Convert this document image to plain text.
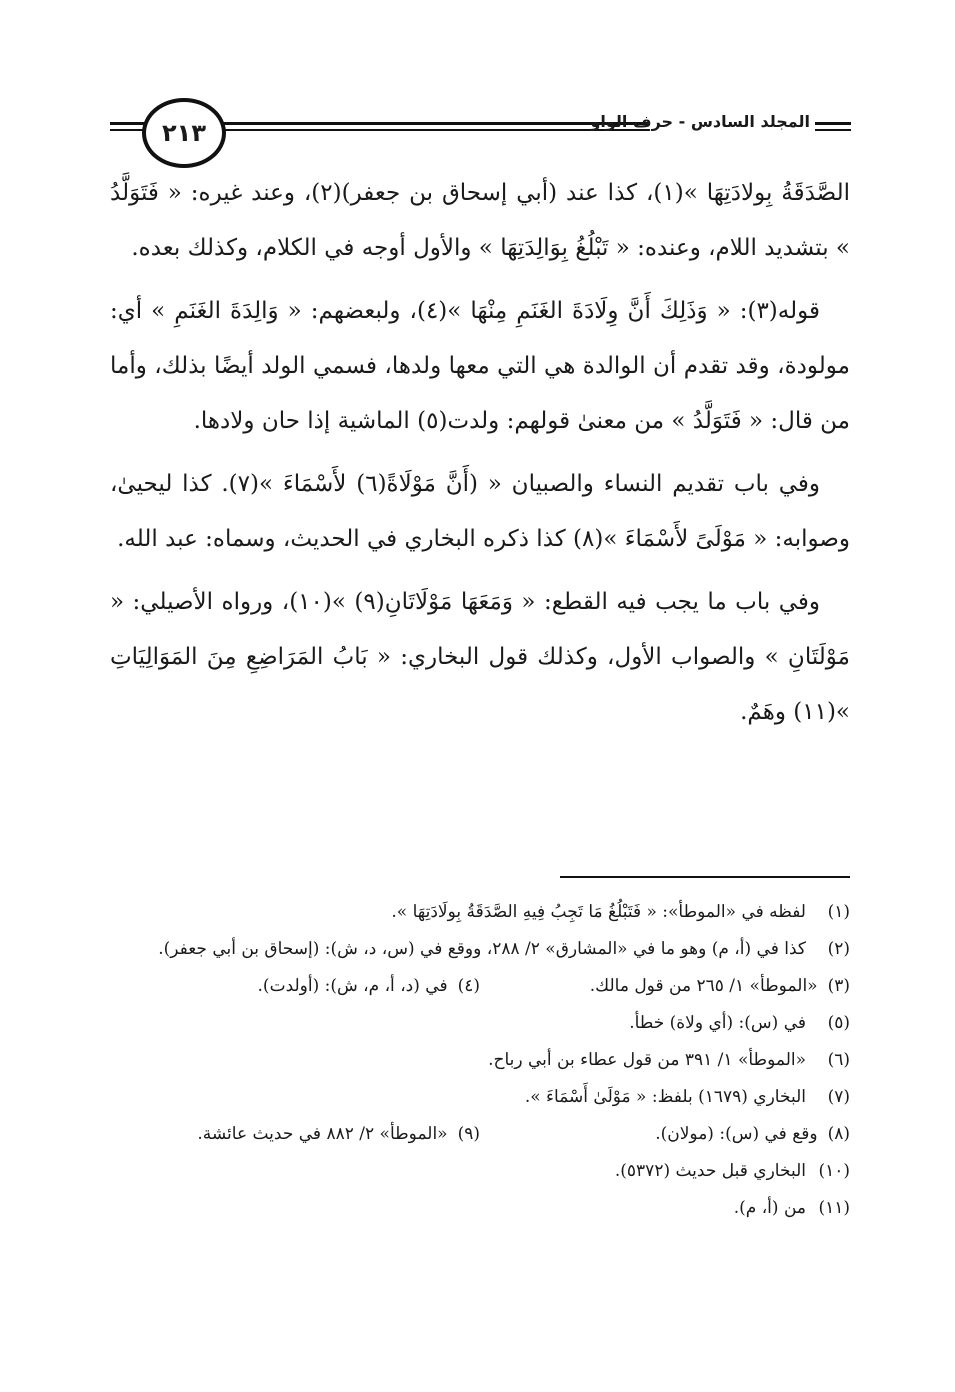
٢١٣	المجلد السادس - حرف الواو

الصَّدَقَةُ بِولادَتِهَا »(١)، كذا عند (أبي إسحاق بن جعفر)(٢)، وعند غيره: « فَتَوَلَّدُ » بتشديد اللام، وعنده: « تَبْلُغُ بِوَالِدَتِهَا » والأول أوجه في الكلام، وكذلك بعده.

قوله(٣): « وَذَلِكَ أَنَّ وِلَادَةَ الغَنَمِ مِنْهَا »(٤)، ولبعضهم: « وَالِدَةَ الغَنَمِ » أي: مولودة، وقد تقدم أن الوالدة هي التي معها ولدها، فسمي الولد أيضًا بذلك، وأما من قال: « فَتَوَلَّدُ » من معنىٰ قولهم: ولدت(٥) الماشية إذا حان ولادها.

وفي باب تقديم النساء والصبيان « (أَنَّ مَوْلَاةً(٦) لأَسْمَاءَ »(٧). كذا ليحيىٰ، وصوابه: « مَوْلَىً لأَسْمَاءَ »(٨) كذا ذكره البخاري في الحديث، وسماه: عبد الله.

وفي باب ما يجب فيه القطع: « وَمَعَهَا مَوْلَاتَانِ(٩) »(١٠)، ورواه الأصيلي: « مَوْلَتَانِ » والصواب الأول، وكذلك قول البخاري: « بَابُ المَرَاضِعِ مِنَ المَوَالِيَاتِ »(١١) وهَمٌ.

(١)
لفظه في «الموطأ»: « فَتَبْلُغُ مَا تَجِبُ فِيهِ الصَّدَقَةُ بِولَادَتِهَا ».
(٢)
كذا في (أ، م) وهو ما في «المشارق» ٢/ ٢٨٨، ووقع في (س، د، ش): (إسحاق بن أبي جعفر).
(٣)
«الموطأ» ١/ ٢٦٥ من قول مالك.
(٤)
في (د، أ، م، ش): (أولدت).
(٥)
في (س): (أي ولاة) خطأ.
(٦)
«الموطأ» ١/ ٣٩١ من قول عطاء بن أبي رباح.
(٧)
البخاري (١٦٧٩) بلفظ: « مَوْلَىٰ أَسْمَاءَ ».
(٨)
وقع في (س): (مولان).
(٩)
«الموطأ» ٢/ ٨٨٢ في حديث عائشة.
(١٠)
البخاري قبل حديث (٥٣٧٢).
(١١)
من (أ، م).
